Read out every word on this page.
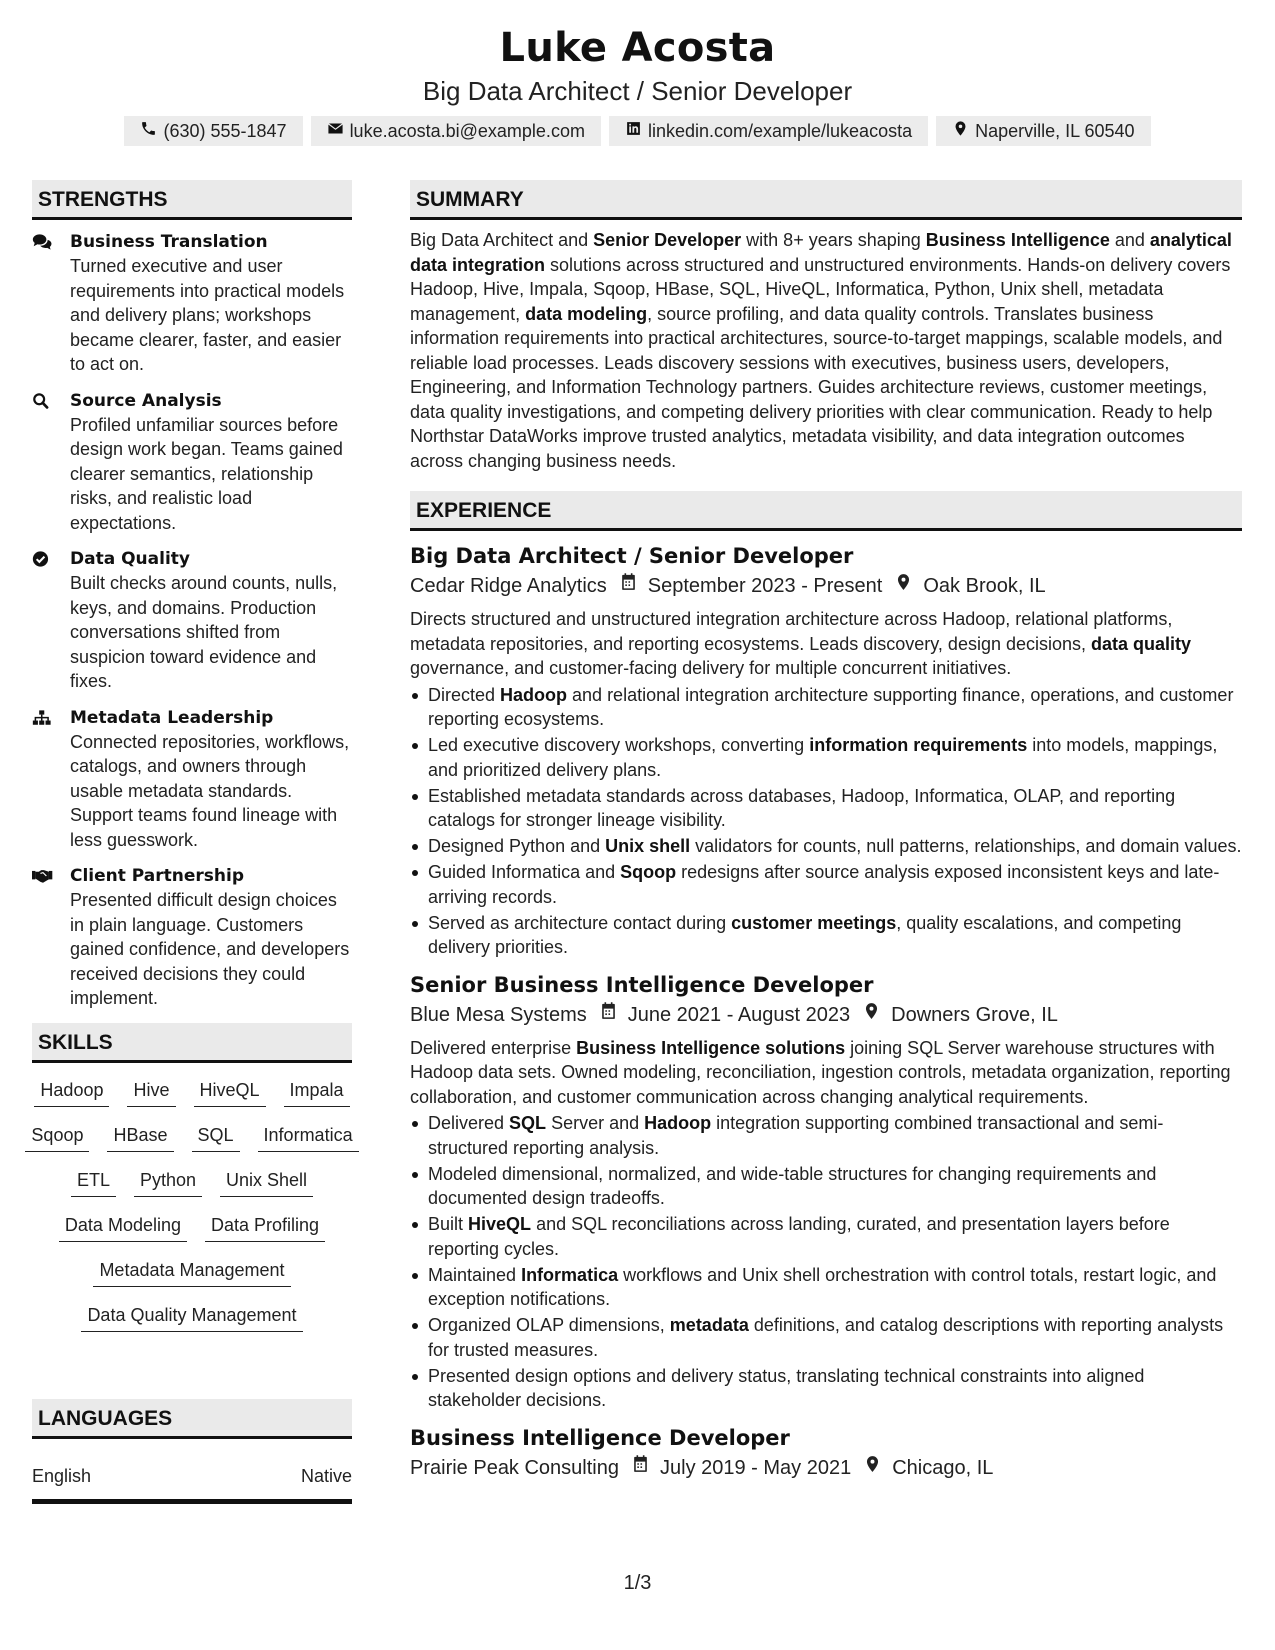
Luke Acosta
Big Data Architect / Senior Developer
(630) 555-1847	luke.acosta.bi@example.com	linkedin.com/example/lukeacosta	Naperville, IL 60540
STRENGTHS
Business Translation
Turned executive and user requirements into practical models and delivery plans; workshops became clearer, faster, and easier to act on.
Source Analysis
Profiled unfamiliar sources before design work began. Teams gained clearer semantics, relationship risks, and realistic load expectations.
Data Quality
Built checks around counts, nulls, keys, and domains. Production conversations shifted from suspicion toward evidence and fixes.
Metadata Leadership
Connected repositories, workflows, catalogs, and owners through usable metadata standards. Support teams found lineage with less guesswork.
Client Partnership
Presented difficult design choices in plain language. Customers gained confidence, and developers received decisions they could implement.
SKILLS
Hadoop	Hive	HiveQL	Impala
Sqoop	HBase	SQL	Informatica
ETL	Python	Unix Shell
Data Modeling	Data Profiling
Metadata Management
Data Quality Management
LANGUAGES
English	Native
SUMMARY
Big Data Architect and Senior Developer with 8+ years shaping Business Intelligence and analytical data integration solutions across structured and unstructured environments. Hands-on delivery covers Hadoop, Hive, Impala, Sqoop, HBase, SQL, HiveQL, Informatica, Python, Unix shell, metadata management, data modeling, source profiling, and data quality controls. Translates business information requirements into practical architectures, source-to-target mappings, scalable models, and reliable load processes. Leads discovery sessions with executives, business users, developers, Engineering, and Information Technology partners. Guides architecture reviews, customer meetings, data quality investigations, and competing delivery priorities with clear communication. Ready to help Northstar DataWorks improve trusted analytics, metadata visibility, and data integration outcomes across changing business needs.
EXPERIENCE
Big Data Architect / Senior Developer
Cedar Ridge Analytics September 2023 - Present Oak Brook, IL
Directs structured and unstructured integration architecture across Hadoop, relational platforms, metadata repositories, and reporting ecosystems. Leads discovery, design decisions, data quality governance, and customer-facing delivery for multiple concurrent initiatives.
Directed Hadoop and relational integration architecture supporting finance, operations, and customer reporting ecosystems.
Led executive discovery workshops, converting information requirements into models, mappings, and prioritized delivery plans.
Established metadata standards across databases, Hadoop, Informatica, OLAP, and reporting catalogs for stronger lineage visibility.
Designed Python and Unix shell validators for counts, null patterns, relationships, and domain values.
Guided Informatica and Sqoop redesigns after source analysis exposed inconsistent keys and late-arriving records.
Served as architecture contact during customer meetings, quality escalations, and competing delivery priorities.
Senior Business Intelligence Developer
Blue Mesa Systems June 2021 - August 2023 Downers Grove, IL
Delivered enterprise Business Intelligence solutions joining SQL Server warehouse structures with Hadoop data sets. Owned modeling, reconciliation, ingestion controls, metadata organization, reporting collaboration, and customer communication across changing analytical requirements.
Delivered SQL Server and Hadoop integration supporting combined transactional and semi-structured reporting analysis.
Modeled dimensional, normalized, and wide-table structures for changing requirements and documented design tradeoffs.
Built HiveQL and SQL reconciliations across landing, curated, and presentation layers before reporting cycles.
Maintained Informatica workflows and Unix shell orchestration with control totals, restart logic, and exception notifications.
Organized OLAP dimensions, metadata definitions, and catalog descriptions with reporting analysts for trusted measures.
Presented design options and delivery status, translating technical constraints into aligned stakeholder decisions.
Business Intelligence Developer
Prairie Peak Consulting July 2019 - May 2021 Chicago, IL
1/3
